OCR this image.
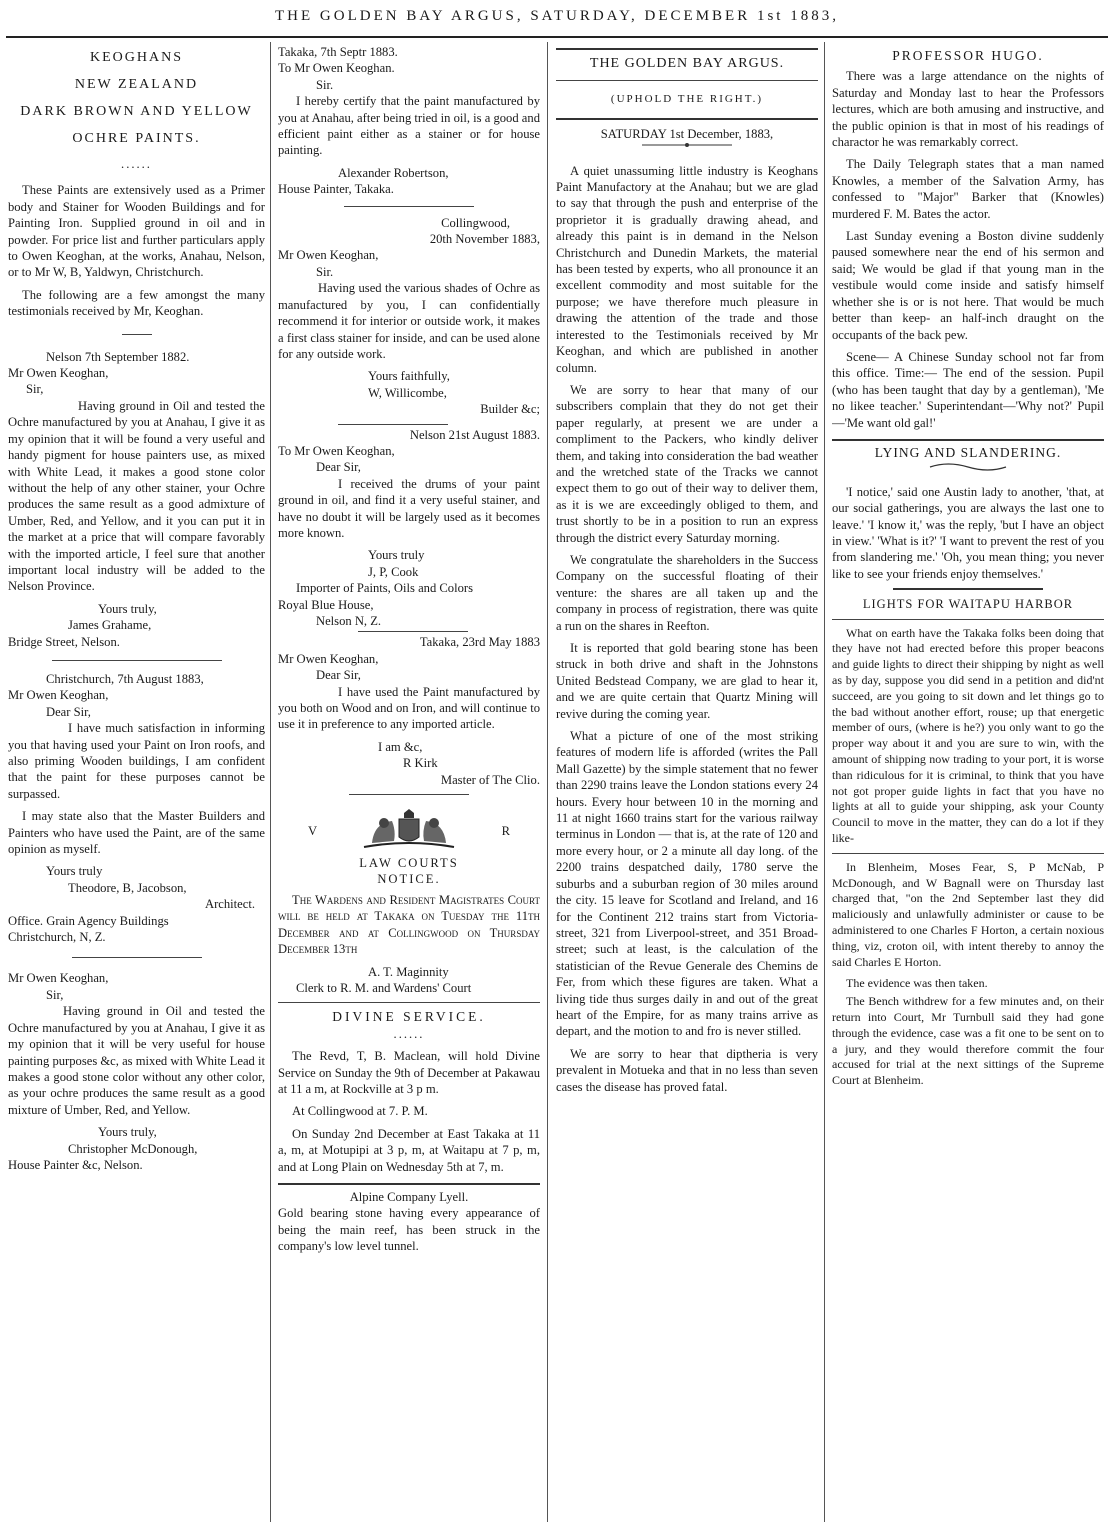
THE GOLDEN BAY ARGUS, SATURDAY, DECEMBER 1st 1883,
KEOGHANS
NEW ZEALAND
DARK BROWN AND YELLOW
OCHRE PAINTS.
......

These Paints are extensively used as a Primer body and Stainer for Wooden Buildings and for Painting Iron. Supplied ground in oil and in powder. For price list and further particulars apply to Owen Keoghan, at the works, Anahau, Nelson, or to Mr W, B, Yaldwyn, Christchurch.

The following are a few amongst the many testimonials received by Mr, Keoghan.

Nelson 7th September 1882.
Mr Owen Keoghan,
Sir,

Having ground in Oil and tested the Ochre manufactured by you at Anahau, I give it as my opinion that it will be found a very useful and handy pigment for house painters use, as mixed with White Lead, it makes a good stone color without the help of any other stainer, your Ochre produces the same result as a good admixture of Umber, Red, and Yellow, and it you can put it in the market at a price that will compare favorably with the imported article, I feel sure that another important local industry will be added to the Nelson Province.

Yours truly,
James Grahame,
Bridge Street, Nelson.
Christchurch, 7th August 1883,
Mr Owen Keoghan,
Dear Sir,

I have much satisfaction in informing you that having used your Paint on Iron roofs, and also priming Wooden buildings, I am confident that the paint for these purposes cannot be surpassed.

I may state also that the Master Builders and Painters who have used the Paint, are of the same opinion as myself.

Yours truly
Theodore, B, Jacobson,
Architect.
Office. Grain Agency Buildings
Christchurch, N, Z.
Mr Owen Keoghan,
Sir,

Having ground in Oil and tested the Ochre manufactured by you at Anahau, I give it as my opinion that it will be very useful for house painting purposes &c, as mixed with White Lead it makes a good stone color without any other color, as your ochre produces the same result as a good mixture of Umber, Red, and Yellow.

Yours truly,
Christopher McDonough,
House Painter &c, Nelson.
Takaka, 7th Septr 1883.
To Mr Owen Keoghan.
Sir.

I hereby certify that the paint manufactured by you at Anahau, after being tried in oil, is a good and efficient paint either as a stainer or for house painting.

Alexander Robertson,
House Painter, Takaka.
Collingwood,
20th November 1883,
Mr Owen Keoghan,
Sir.

Having used the various shades of Ochre as manufactured by you, I can confidentially recommend it for interior or outside work, it makes a first class stainer for inside, and can be used alone for any outside work.

Yours faithfully,
W, Willicombe,
Builder &c;
Nelson 21st August 1883.
To Mr Owen Keoghan,
Dear Sir,

I received the drums of your paint ground in oil, and find it a very useful stainer, and have no doubt it will be largely used as it becomes more known.

Yours truly
J, P, Cook
Importer of Paints, Oils and Colors
Royal Blue House,
Nelson N, Z.
Takaka, 23rd May 1883
Mr Owen Keoghan,
Dear Sir,

I have used the Paint manufactured by you both on Wood and on Iron, and will continue to use it in preference to any imported article.

I am &c,
R Kirk
Master of The Clio.
V	R
LAW COURTS
NOTICE.

The Wardens and Resident Magistrates Court will be held at Takaka on Tuesday the 11th December and at Collingwood on Thursday December 13th

A. T. Maginnity
Clerk to R. M. and Wardens' Court
DIVINE SERVICE.
......

The Revd, T, B. Maclean, will hold Divine Service on Sunday the 9th of December at Pakawau at 11 a m, at Rockville at 3 p m.

At Collingwood at 7. P. M.

On Sunday 2nd December at East Takaka at 11 a, m, at Motupipi at 3 p, m, at Waitapu at 7 p, m, and at Long Plain on Wednesday 5th at 7, m.

Alpine Company Lyell.

Gold bearing stone having every appearance of being the main reef, has been struck in the company's low level tunnel.

THE GOLDEN BAY ARGUS.
(UPHOLD THE RIGHT.)
SATURDAY 1st December, 1883,

A quiet unassuming little industry is Keoghans Paint Manufactory at the Anahau; but we are glad to say that through the push and enterprise of the proprietor it is gradually drawing ahead, and already this paint is in demand in the Nelson Christchurch and Dunedin Markets, the material has been tested by experts, who all pronounce it an excellent commodity and most suitable for the purpose; we have therefore much pleasure in drawing the attention of the trade and those interested to the Testimonials received by Mr Keoghan, and which are published in another column.

We are sorry to hear that many of our subscribers complain that they do not get their paper regularly, at present we are under a compliment to the Packers, who kindly deliver them, and taking into consideration the bad weather and the wretched state of the Tracks we cannot expect them to go out of their way to deliver them, as it is we are exceedingly obliged to them, and trust shortly to be in a position to run an express through the district every Saturday morning.

We congratulate the shareholders in the Success Company on the successful floating of their venture: the shares are all taken up and the company in process of registration, there was quite a run on the shares in Reefton.

It is reported that gold bearing stone has been struck in both drive and shaft in the Johnstons United Bedstead Company, we are glad to hear it, and we are quite certain that Quartz Mining will revive during the coming year.

What a picture of one of the most striking features of modern life is afforded (writes the Pall Mall Gazette) by the simple statement that no fewer than 2290 trains leave the London stations every 24 hours. Every hour between 10 in the morning and 11 at night 1660 trains start for the various railway terminus in London — that is, at the rate of 120 and more every hour, or 2 a minute all day long. of the 2200 trains despatched daily, 1780 serve the suburbs and a suburban region of 30 miles around the city. 15 leave for Scotland and Ireland, and 16 for the Continent 212 trains start from Victoria-street, 321 from Liverpool-street, and 351 Broad-street; such at least, is the calculation of the statistician of the Revue Generale des Chemins de Fer, from which these figures are taken. What a living tide thus surges daily in and out of the great heart of the Empire, for as many trains arrive as depart, and the motion to and fro is never stilled.

We are sorry to hear that diptheria is very prevalent in Motueka and that in no less than seven cases the disease has proved fatal.

PROFESSOR HUGO.

There was a large attendance on the nights of Saturday and Monday last to hear the Professors lectures, which are both amusing and instructive, and the public opinion is that in most of his readings of charactor he was remarkably correct.

The Daily Telegraph states that a man named Knowles, a member of the Salvation Army, has confessed to "Major" Barker that (Knowles) murdered F. M. Bates the actor.

Last Sunday evening a Boston divine suddenly paused somewhere near the end of his sermon and said; We would be glad if that young man in the vestibule would come inside and satisfy himself whether she is or is not here. That would be much better than keep- an half-inch draught on the occupants of the back pew.

Scene— A Chinese Sunday school not far from this office. Time:— The end of the session. Pupil (who has been taught that day by a gentleman), 'Me no likee teacher.' Superintendant—'Why not?' Pupil—'Me want old gal!'

LYING AND SLANDERING.

'I notice,' said one Austin lady to another, 'that, at our social gatherings, you are always the last one to leave.' 'I know it,' was the reply, 'but I have an object in view.' 'What is it?' 'I want to prevent the rest of you from slandering me.' 'Oh, you mean thing; you never like to see your friends enjoy themselves.'

LIGHTS FOR WAITAPU HARBOR

What on earth have the Takaka folks been doing that they have not had erected before this proper beacons and guide lights to direct their shipping by night as well as by day, suppose you did send in a petition and did'nt succeed, are you going to sit down and let things go to the bad without another effort, rouse; up that energetic member of ours, (where is he?) you only want to go the proper way about it and you are sure to win, with the amount of shipping now trading to your port, it is worse than ridiculous for it is criminal, to think that you have not got proper guide lights in fact that you have no lights at all to guide your shipping, ask your County Council to move in the matter, they can do a lot if they like-

In Blenheim, Moses Fear, S, P McNab, P McDonough, and W Bagnall were on Thursday last charged that, "on the 2nd September last they did maliciously and unlawfully administer or cause to be administered to one Charles F Horton, a certain noxious thing, viz, croton oil, with intent thereby to annoy the said Charles E Horton.

The evidence was then taken.

The Bench withdrew for a few minutes and, on their return into Court, Mr Turnbull said they had gone through the evidence, case was a fit one to be sent on to a jury, and they would therefore commit the four accused for trial at the next sittings of the Supreme Court at Blenheim.
